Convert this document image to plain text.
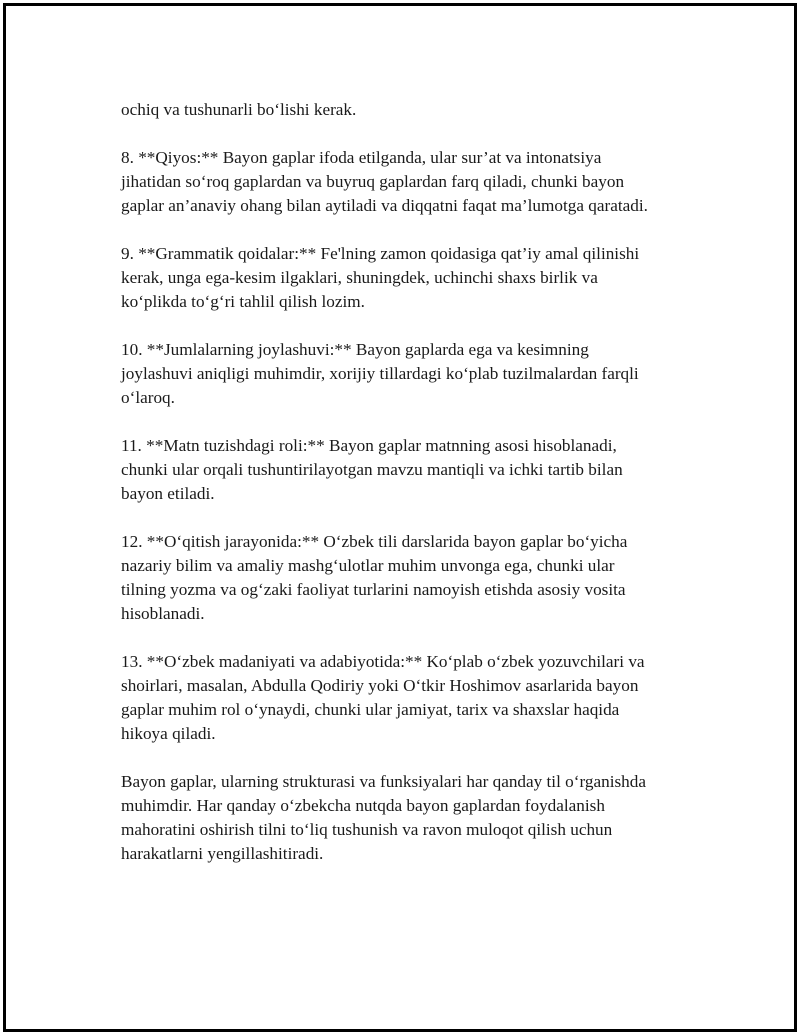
ochiq va tushunarli bo‘lishi kerak.

8. **Qiyos:** Bayon gaplar ifoda etilganda, ular sur’at va intonatsiya
jihatidan so‘roq gaplardan va buyruq gaplardan farq qiladi, chunki bayon
gaplar an’anaviy ohang bilan aytiladi va diqqatni faqat ma’lumotga qaratadi.

9. **Grammatik qoidalar:** Fe'lning zamon qoidasiga qat’iy amal qilinishi
kerak, unga ega-kesim ilgaklari, shuningdek, uchinchi shaxs birlik va
ko‘plikda to‘g‘ri tahlil qilish lozim.

10. **Jumlalarning joylashuvi:** Bayon gaplarda ega va kesimning
joylashuvi aniqligi muhimdir, xorijiy tillardagi ko‘plab tuzilmalardan farqli
o‘laroq.

11. **Matn tuzishdagi roli:** Bayon gaplar matnning asosi hisoblanadi,
chunki ular orqali tushuntirilayotgan mavzu mantiqli va ichki tartib bilan
bayon etiladi.

12. **O‘qitish jarayonida:** O‘zbek tili darslarida bayon gaplar bo‘yicha
nazariy bilim va amaliy mashg‘ulotlar muhim unvonga ega, chunki ular
tilning yozma va og‘zaki faoliyat turlarini namoyish etishda asosiy vosita
hisoblanadi.

13. **O‘zbek madaniyati va adabiyotida:** Ko‘plab o‘zbek yozuvchilari va
shoirlari, masalan, Abdulla Qodiriy yoki O‘tkir Hoshimov asarlarida bayon
gaplar muhim rol o‘ynaydi, chunki ular jamiyat, tarix va shaxslar haqida
hikoya qiladi.

Bayon gaplar, ularning strukturasi va funksiyalari har qanday til o‘rganishda
muhimdir. Har qanday o‘zbekcha nutqda bayon gaplardan foydalanish
mahoratini oshirish tilni to‘liq tushunish va ravon muloqot qilish uchun
harakatlarni yengillashitiradi.
